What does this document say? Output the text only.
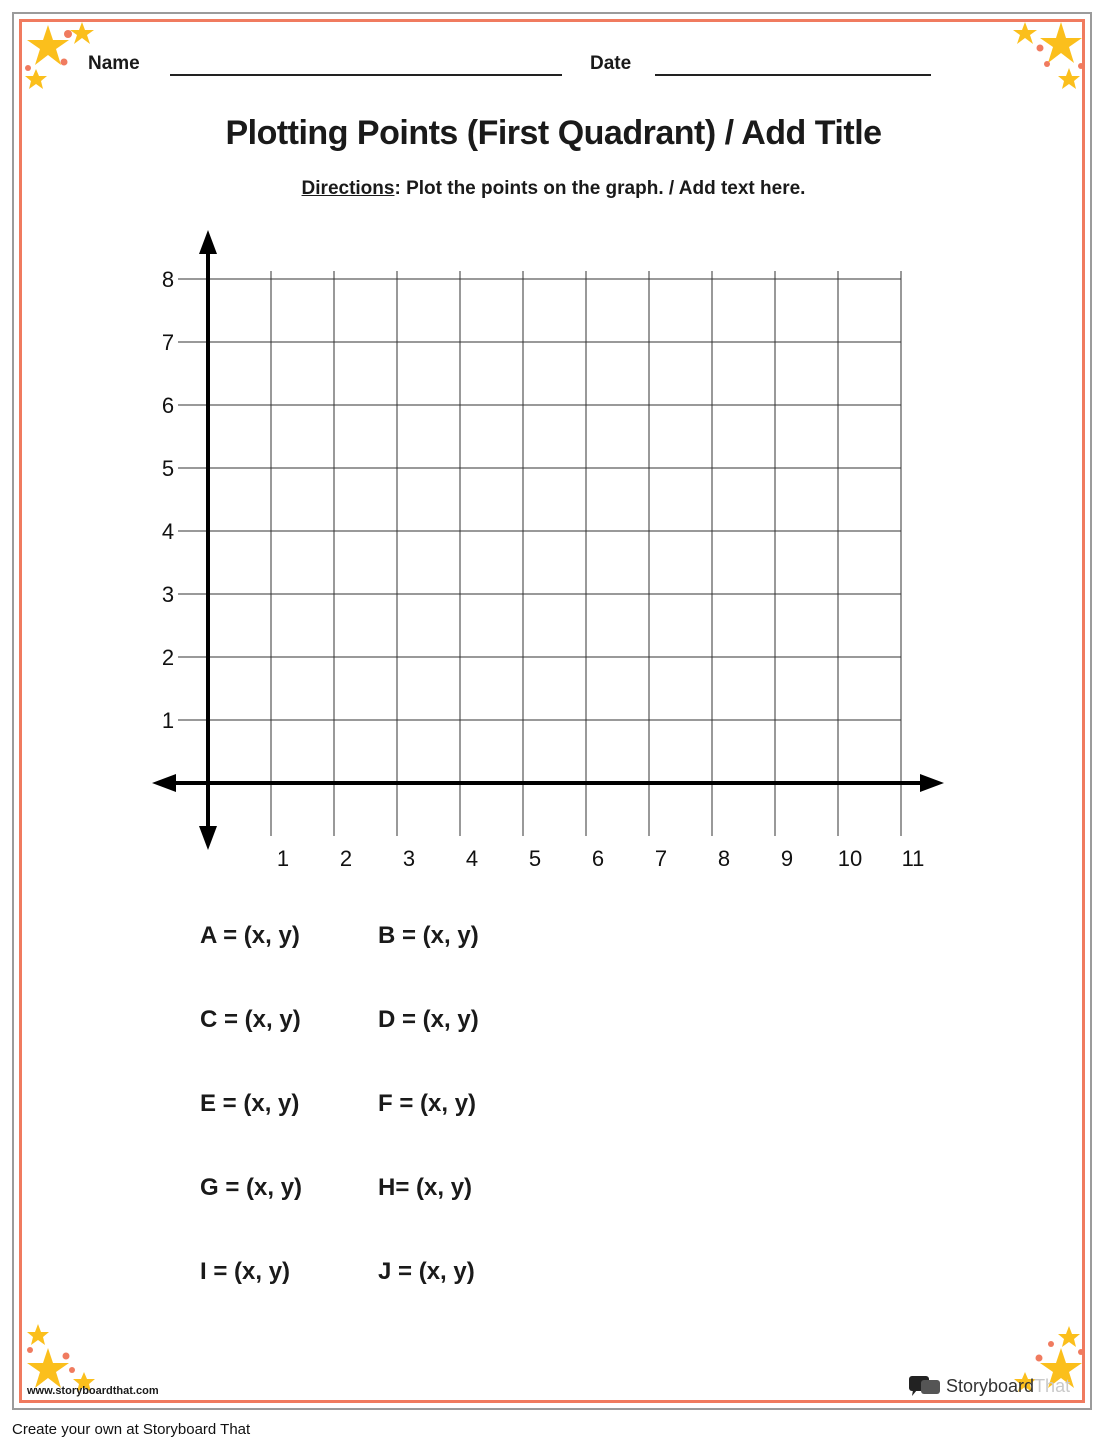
Name	Date
Plotting Points (First Quadrant) / Add Title
Directions: Plot the points on the graph. / Add text here.
1 2 3 4 5 6 7 8 9 10 11
1
2
3
4
5
6
7
8
A = (x, y)
C = (x, y)
E = (x, y)
G = (x, y)
I = (x, y)
B = (x, y)
D = (x, y)
F = (x, y)
H= (x, y)
J = (x, y)
www.storyboardthat.com	StoryboardThat
Create your own at Storyboard That
